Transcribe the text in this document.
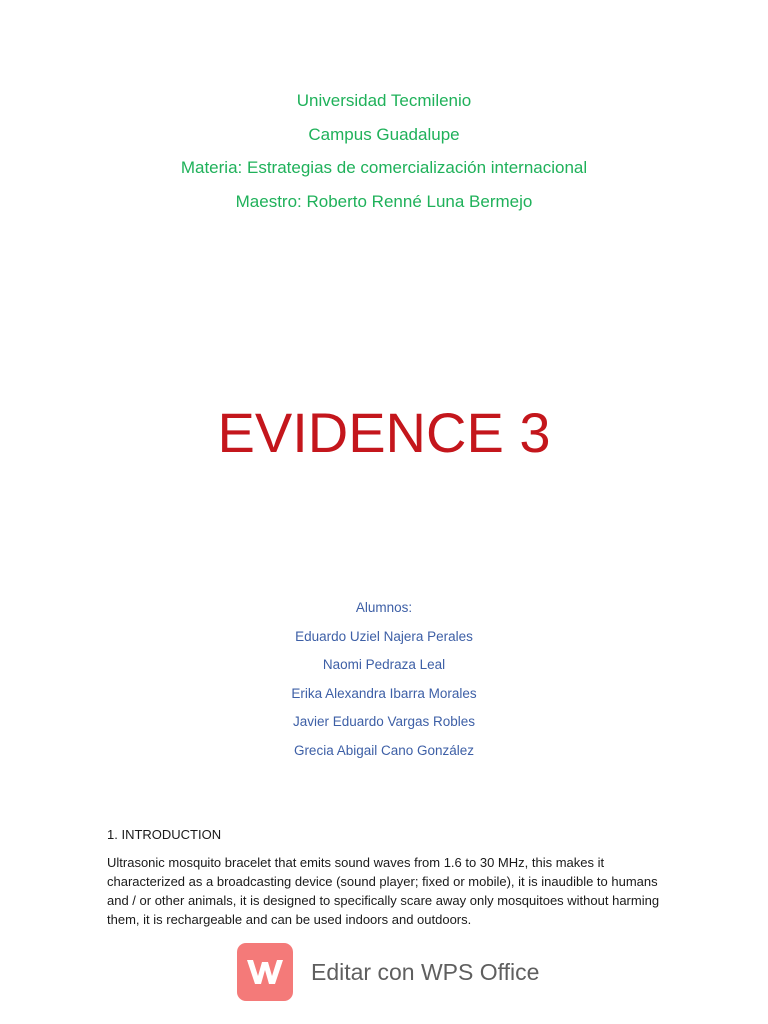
Universidad Tecmilenio
Campus Guadalupe
Materia: Estrategias de comercialización internacional
Maestro: Roberto Renné Luna Bermejo
EVIDENCE 3
Alumnos:
Eduardo Uziel Najera Perales
Naomi Pedraza Leal
Erika Alexandra Ibarra Morales
Javier Eduardo Vargas Robles
Grecia Abigail Cano González
1. INTRODUCTION
Ultrasonic mosquito bracelet that emits sound waves from 1.6 to 30 MHz, this makes it characterized as a broadcasting device (sound player; fixed or mobile), it is inaudible to humans and / or other animals, it is designed to specifically scare away only mosquitoes without harming them, it is rechargeable and can be used indoors and outdoors.
Editar con WPS Office
